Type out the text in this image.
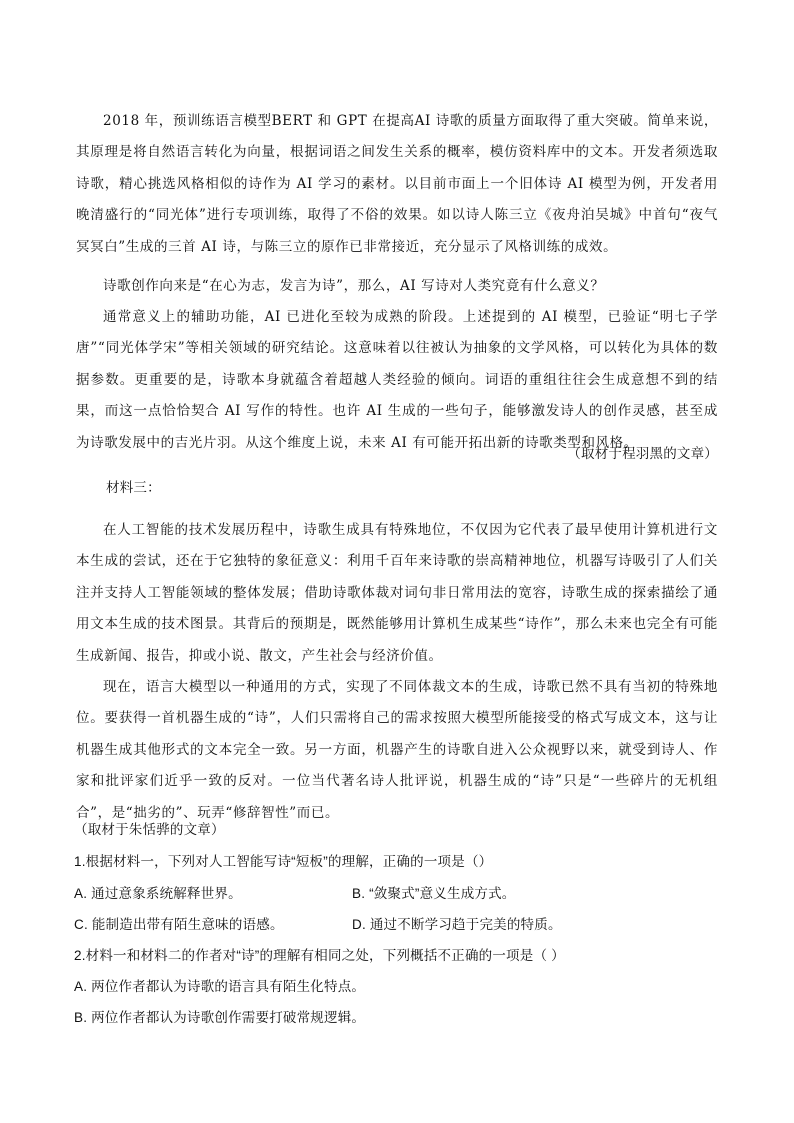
2018 年，预训练语言模型BERT 和 GPT 在提高AI 诗歌的质量方面取得了重大突破。简单来说，其原理是将自然语言转化为向量，根据词语之间发生关系的概率，模仿资料库中的文本。开发者须选取诗歌，精心挑选风格相似的诗作为 AI 学习的素材。以目前市面上一个旧体诗 AI 模型为例，开发者用晚清盛行的“同光体”进行专项训练，取得了不俗的效果。如以诗人陈三立《夜舟泊吴城》中首句“夜气冥冥白”生成的三首 AI 诗，与陈三立的原作已非常接近，充分显示了风格训练的成效。

诗歌创作向来是“在心为志，发言为诗”，那么，AI 写诗对人类究竟有什么意义？

通常意义上的辅助功能，AI 已进化至较为成熟的阶段。上述提到的 AI 模型，已验证“明七子学唐”“同光体学宋”等相关领域的研究结论。这意味着以往被认为抽象的文学风格，可以转化为具体的数据参数。更重要的是，诗歌本身就蕴含着超越人类经验的倾向。词语的重组往往会生成意想不到的结果，而这一点恰恰契合 AI 写作的特性。也许 AI 生成的一些句子，能够激发诗人的创作灵感，甚至成为诗歌发展中的吉光片羽。从这个维度上说，未来 AI 有可能开拓出新的诗歌类型和风格。

（取材于程羽黑的文章）
材料三：

在人工智能的技术发展历程中，诗歌生成具有特殊地位，不仅因为它代表了最早使用计算机进行文本生成的尝试，还在于它独特的象征意义：利用千百年来诗歌的崇高精神地位，机器写诗吸引了人们关注并支持人工智能领域的整体发展；借助诗歌体裁对词句非日常用法的宽容，诗歌生成的探索描绘了通用文本生成的技术图景。其背后的预期是，既然能够用计算机生成某些“诗作”，那么未来也完全有可能生成新闻、报告，抑或小说、散文，产生社会与经济价值。

现在，语言大模型以一种通用的方式，实现了不同体裁文本的生成，诗歌已然不具有当初的特殊地位。要获得一首机器生成的“诗”，人们只需将自己的需求按照大模型所能接受的格式写成文本，这与让机器生成其他形式的文本完全一致。另一方面，机器产生的诗歌自进入公众视野以来，就受到诗人、作家和批评家们近乎一致的反对。一位当代著名诗人批评说，机器生成的“诗”只是“一些碎片的无机组合”，是“拙劣的”、玩弄“修辞智性”而已。

（取材于朱恬骅的文章）
1.根据材料一，下列对人工智能写诗“短板”的理解，正确的一项是（）
A. 通过意象系统解释世界。	B. “敛聚式”意义生成方式。
C. 能制造出带有陌生意味的语感。	D. 通过不断学习趋于完美的特质。
2.材料一和材料二的作者对“诗”的理解有相同之处，下列概括不正确的一项是（ ）
A. 两位作者都认为诗歌的语言具有陌生化特点。
B. 两位作者都认为诗歌创作需要打破常规逻辑。
